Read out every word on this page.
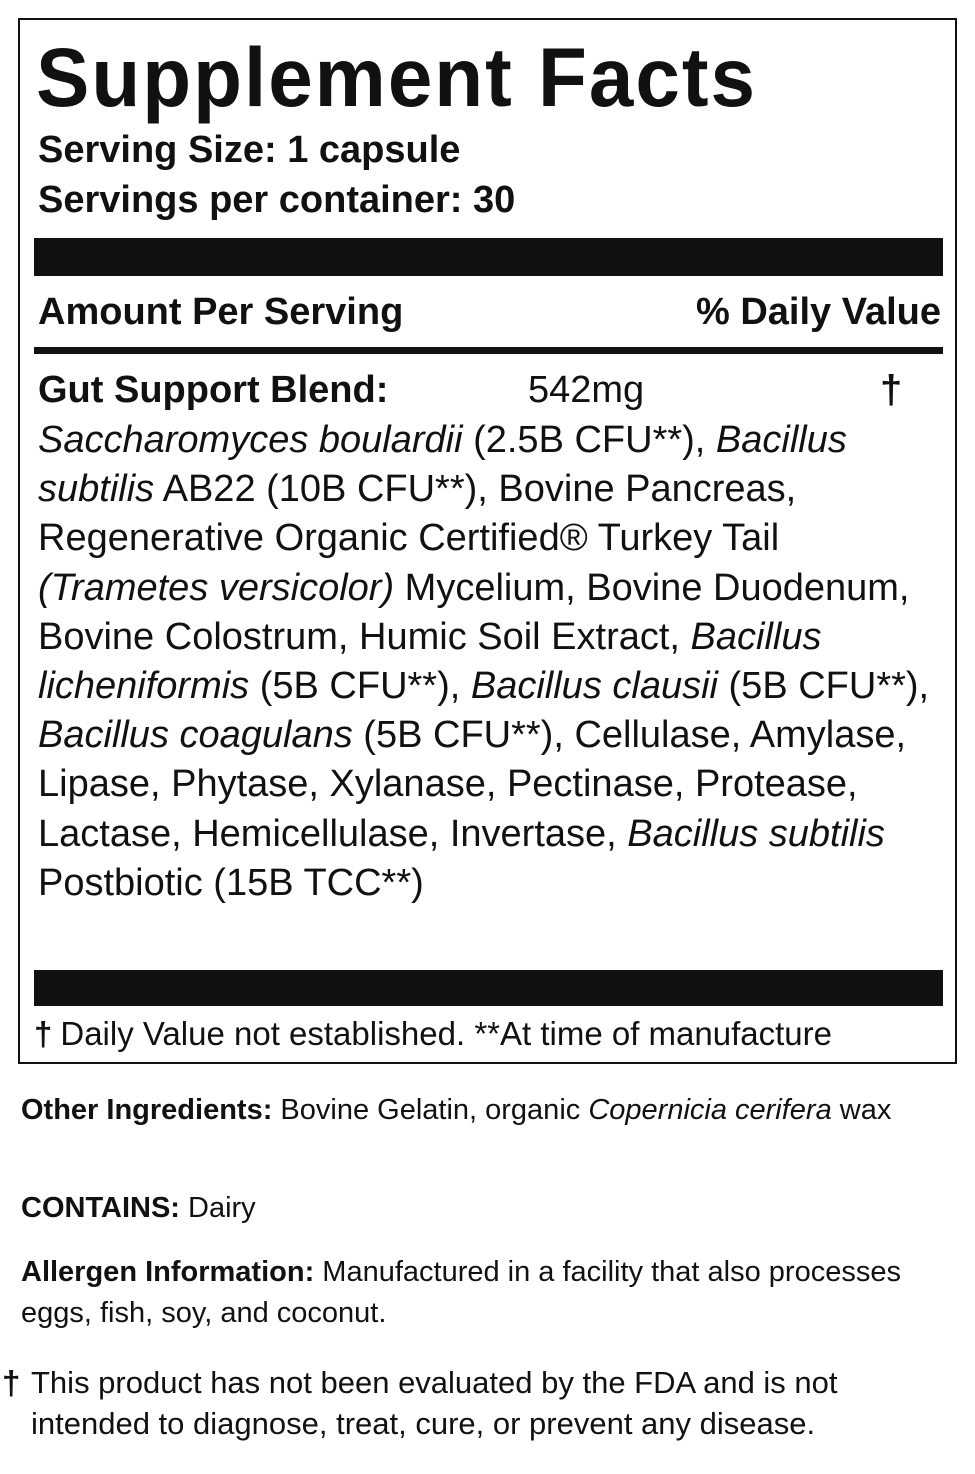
Supplement Facts
Serving Size: 1 capsule
Servings per container: 30
Amount Per Serving	% Daily Value
Gut Support Blend:	542mg	†

Saccharomyces boulardii (2.5B CFU**), Bacillus subtilis AB22 (10B CFU**), Bovine Pancreas, Regenerative Organic Certified® Turkey Tail (Trametes versicolor) Mycelium, Bovine Duodenum, Bovine Colostrum, Humic Soil Extract, Bacillus licheniformis (5B CFU**), Bacillus clausii (5B CFU**), Bacillus coagulans (5B CFU**), Cellulase, Amylase, Lipase, Phytase, Xylanase, Pectinase, Protease, Lactase, Hemicellulase, Invertase, Bacillus subtilis Postbiotic (15B TCC**)

† Daily Value not established. **At time of manufacture

Other Ingredients: Bovine Gelatin, organic Copernicia cerifera wax

CONTAINS: Dairy

Allergen Information: Manufactured in a facility that also processes eggs, fish, soy, and coconut.

† This product has not been evaluated by the FDA and is not intended to diagnose, treat, cure, or prevent any disease.
